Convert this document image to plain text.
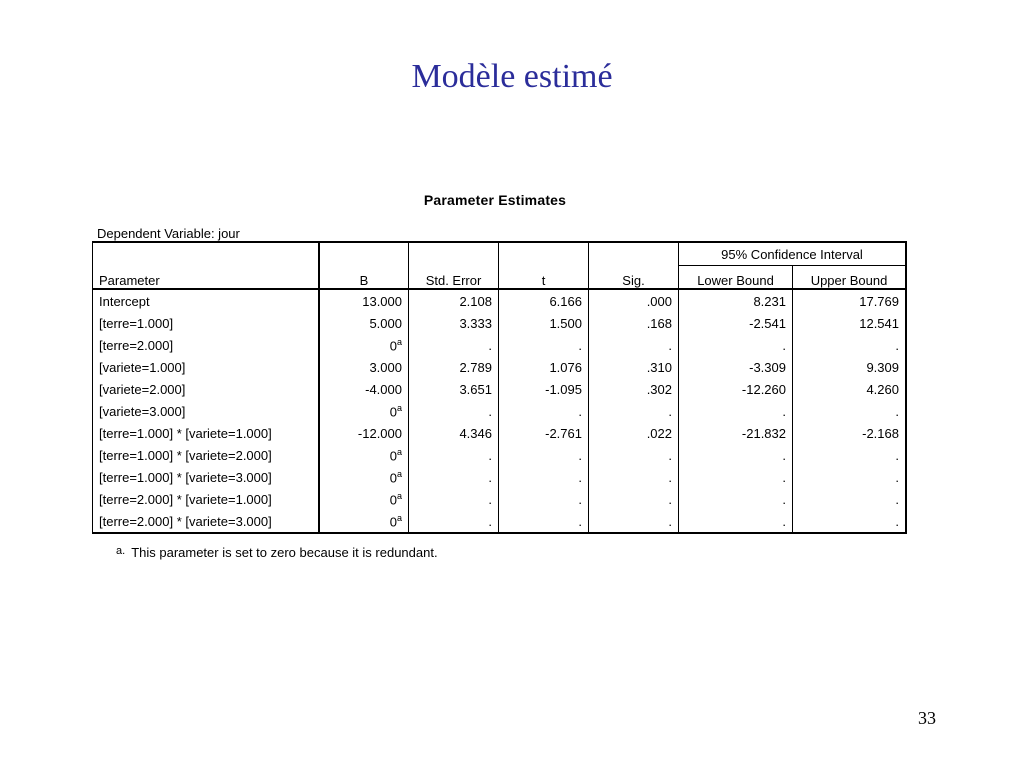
Modèle estimé
Parameter Estimates
Dependent Variable: jour
					95% Confidence Interval	
Parameter	B	Std. Error	t	Sig.	Lower Bound	Upper Bound
Intercept	13.000	2.108	6.166	.000	8.231	17.769
[terre=1.000]	5.000	3.333	1.500	.168	-2.541	12.541
[terre=2.000]	0$^a$	.	.	.	.	.
[variete=1.000]	3.000	2.789	1.076	.310	-3.309	9.309
[variete=2.000]	-4.000	3.651	-1.095	.302	-12.260	4.260
[variete=3.000]	0$^a$	.	.	.	.	.
[terre=1.000] * [variete=1.000]	-12.000	4.346	-2.761	.022	-21.832	-2.168
[terre=1.000] * [variete=2.000]	0$^a$	.	.	.	.	.
[terre=1.000] * [variete=3.000]	0$^a$	.	.	.	.	.
[terre=2.000] * [variete=1.000]	0$^a$	.	.	.	.	.
[terre=2.000] * [variete=3.000]	0$^a$	.	.	.	.	.
$^{a.}$ This parameter is set to zero because it is redundant.
33
